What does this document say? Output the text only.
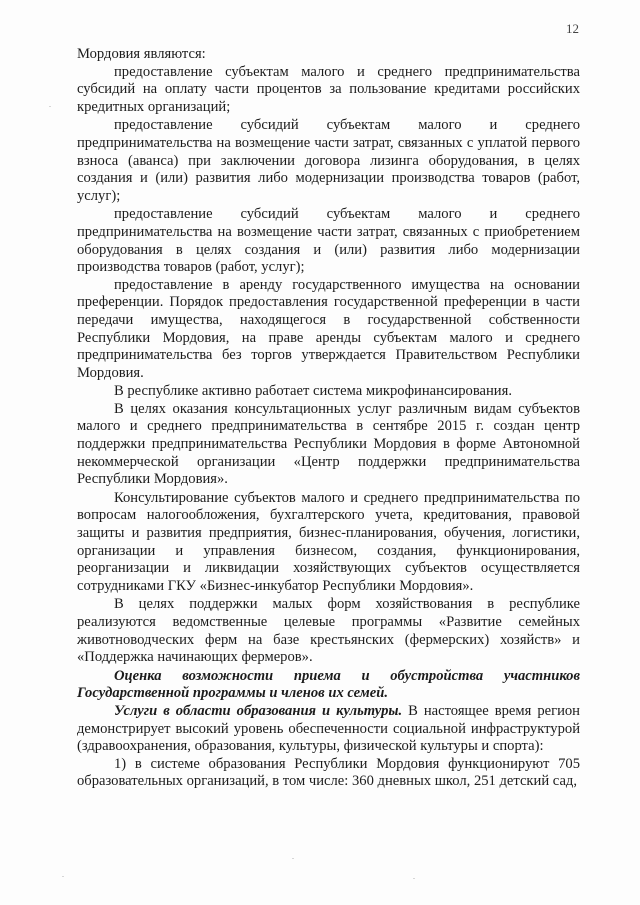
12

Мордовия являются:

предоставление субъектам малого и среднего предпринимательства субсидий на оплату части процентов за пользование кредитами российских кредитных организаций;

предоставление субсидий субъектам малого и среднего предпринимательства на возмещение части затрат, связанных с уплатой первого взноса (аванса) при заключении договора лизинга оборудования, в целях создания и (или) развития либо модернизации производства товаров (работ, услуг);

предоставление субсидий субъектам малого и среднего предпринимательства на возмещение части затрат, связанных с приобретением оборудования в целях создания и (или) развития либо модернизации производства товаров (работ, услуг);

предоставление в аренду государственного имущества на основании преференции. Порядок предоставления государственной преференции в части передачи имущества, находящегося в государственной собственности Республики Мордовия, на праве аренды субъектам малого и среднего предпринимательства без торгов утверждается Правительством Республики Мордовия.

В республике активно работает система микрофинансирования.

В целях оказания консультационных услуг различным видам субъектов малого и среднего предпринимательства в сентябре 2015 г. создан центр поддержки предпринимательства Республики Мордовия в форме Автономной некоммерческой организации «Центр поддержки предпринимательства Республики Мордовия».

Консультирование субъектов малого и среднего предпринимательства по вопросам налогообложения, бухгалтерского учета, кредитования, правовой защиты и развития предприятия, бизнес-планирования, обучения, логистики, организации и управления бизнесом, создания, функционирования, реорганизации и ликвидации хозяйствующих субъектов осуществляется сотрудниками ГКУ «Бизнес-инкубатор Республики Мордовия».

В целях поддержки малых форм хозяйствования в республике реализуются ведомственные целевые программы «Развитие семейных животноводческих ферм на базе крестьянских (фермерских) хозяйств» и «Поддержка начинающих фермеров».

Оценка возможности приема и обустройства участников Государственной программы и членов их семей.

Услуги в области образования и культуры. В настоящее время регион демонстрирует высокий уровень обеспеченности социальной инфраструктурой (здравоохранения, образования, культуры, физической культуры и спорта):

1) в системе образования Республики Мордовия функционируют 705 образовательных организаций, в том числе: 360 дневных школ, 251 детский сад,

.
.
.
.
